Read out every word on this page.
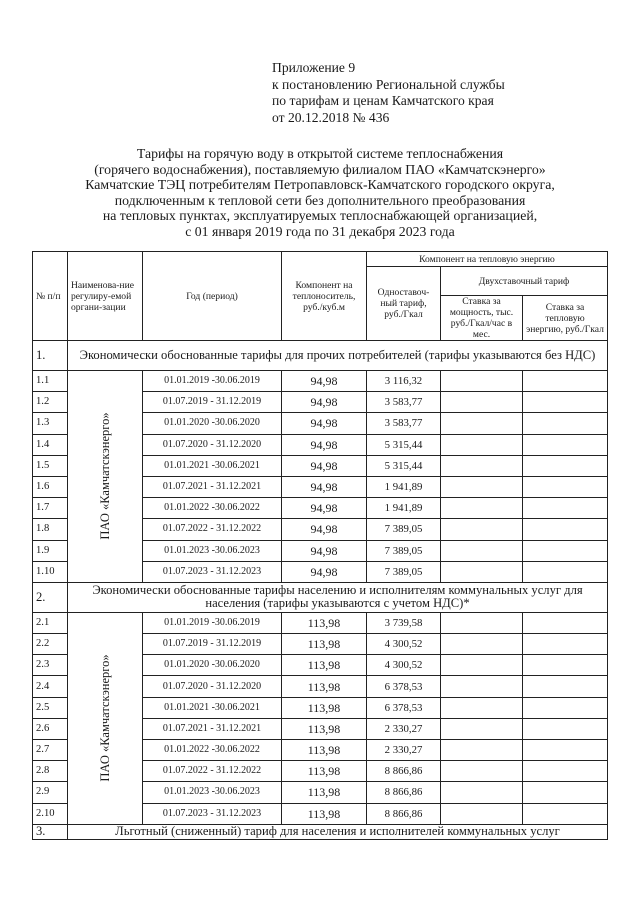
Приложение 9
к постановлению Региональной службы
по тарифам и ценам Камчатского края
от 20.12.2018 № 436
Тарифы на горячую воду в открытой системе теплоснабжения
(горячего водоснабжения), поставляемую филиалом ПАО «Камчатскэнерго»
Камчатские ТЭЦ потребителям Петропавловск-Камчатского городского округа,
подключенным к тепловой сети без дополнительного преобразования
на тепловых пунктах, эксплуатируемых теплоснабжающей организацией,
с 01 января 2019 года по 31 декабря 2023 года
№ п/п	Наименова-ние регулиру-емой органи-зации	Год (период)	Компонент на теплоноситель, руб./куб.м	Компонент на тепловую энергию		
				Одноставоч-ный тариф, руб./Гкал	Двухставочный тариф	
					Ставка за мощность, тыс. руб./Гкал/час в мес.	Ставка за тепловую энергию, руб./Гкал
1.	Экономически обоснованные тарифы для прочих потребителей (тарифы указываются без НДС)					
1.1	ПАО «Камчатскэнерго»	01.01.2019 -30.06.2019	94,98	3 116,32		
1.2		01.07.2019 - 31.12.2019	94,98	3 583,77		
1.3		01.01.2020 -30.06.2020	94,98	3 583,77		
1.4		01.07.2020 - 31.12.2020	94,98	5 315,44		
1.5		01.01.2021 -30.06.2021	94,98	5 315,44		
1.6		01.07.2021 - 31.12.2021	94,98	1 941,89		
1.7		01.01.2022 -30.06.2022	94,98	1 941,89		
1.8		01.07.2022 - 31.12.2022	94,98	7 389,05		
1.9		01.01.2023 -30.06.2023	94,98	7 389,05		
1.10		01.07.2023 - 31.12.2023	94,98	7 389,05		
2.	Экономически обоснованные тарифы населению и исполнителям коммунальных услуг для населения (тарифы указываются с учетом НДС)*					
2.1	ПАО «Камчатскэнерго»	01.01.2019 -30.06.2019	113,98	3 739,58		
2.2		01.07.2019 - 31.12.2019	113,98	4 300,52		
2.3		01.01.2020 -30.06.2020	113,98	4 300,52		
2.4		01.07.2020 - 31.12.2020	113,98	6 378,53		
2.5		01.01.2021 -30.06.2021	113,98	6 378,53		
2.6		01.07.2021 - 31.12.2021	113,98	2 330,27		
2.7		01.01.2022 -30.06.2022	113,98	2 330,27		
2.8		01.07.2022 - 31.12.2022	113,98	8 866,86		
2.9		01.01.2023 -30.06.2023	113,98	8 866,86		
2.10		01.07.2023 - 31.12.2023	113,98	8 866,86		
3.	Льготный (сниженный) тариф для населения и исполнителей коммунальных услуг					
